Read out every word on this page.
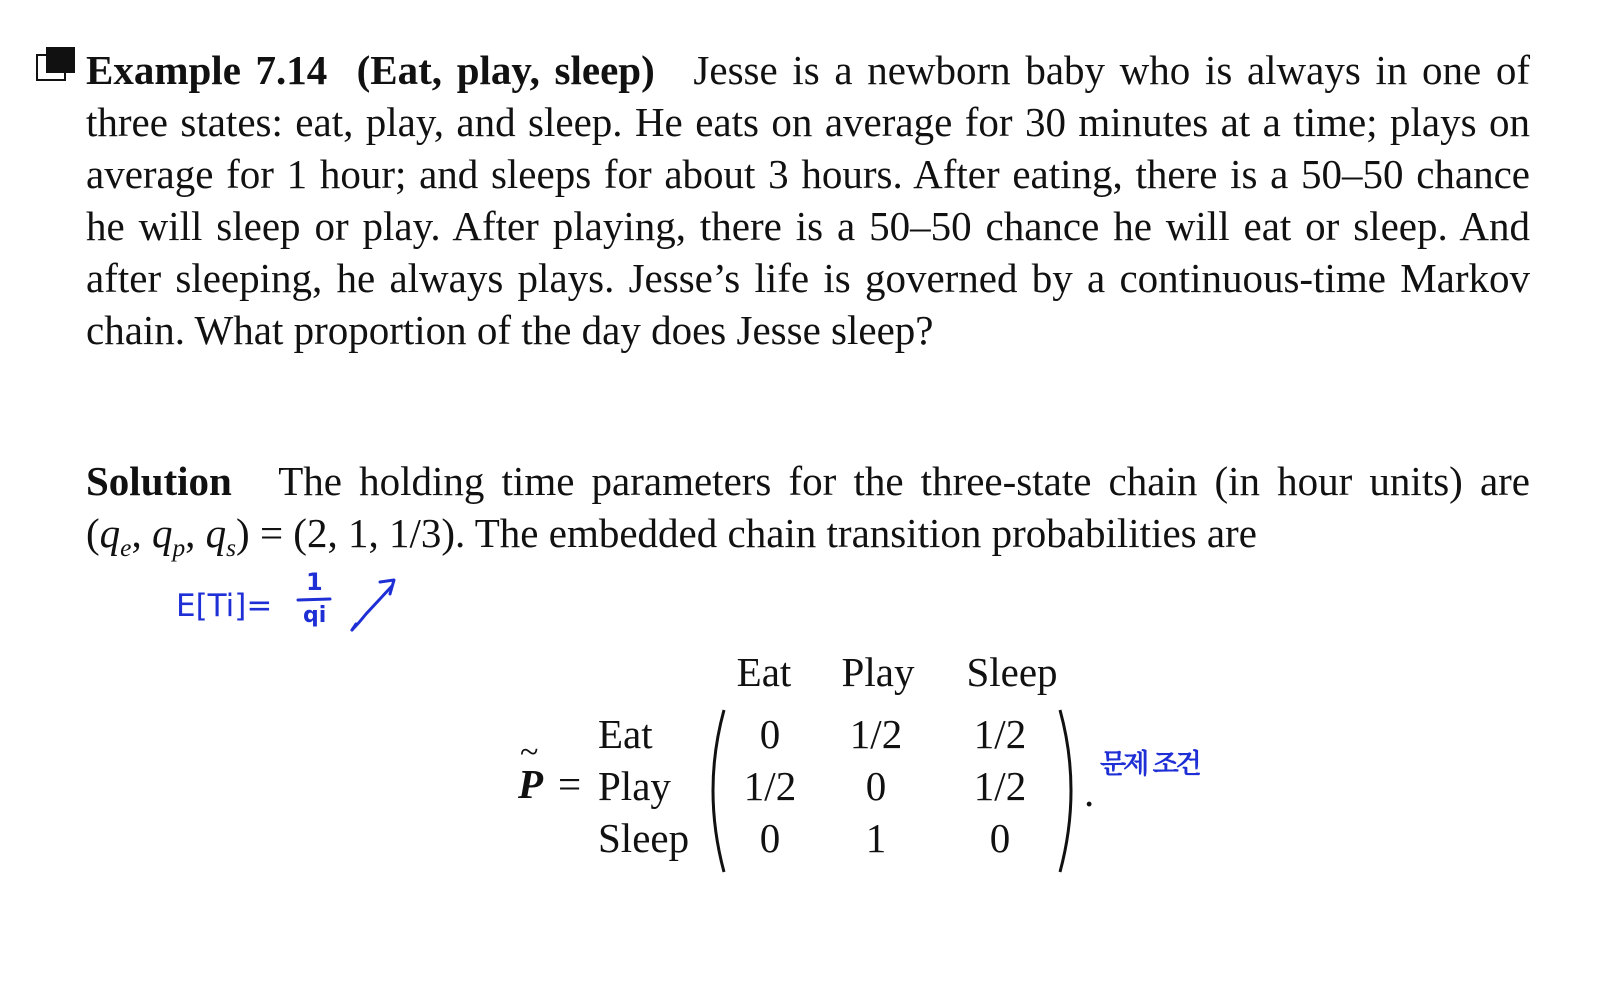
Example 7.14 (Eat, play, sleep) Jesse is a newborn baby who is always in one of
three states: eat, play, and sleep. He eats on average for 30 minutes at a time; plays on
average for 1 hour; and sleeps for about 3 hours. After eating, there is a 50–50 chance
he will sleep or play. After playing, there is a 50–50 chance he will eat or sleep. And
after sleeping, he always plays. Jesse’s life is governed by a continuous-time Markov
chain. What proportion of the day does Jesse sleep?
Solution The holding time parameters for the three-state chain (in hour units) are
($q_e$, $q_p$, $q_s) = (2$, 1, 1/3). The embedded chain transition probabilities are
E[Ti]=
1
qi
문제 조건
~
P =
Eat Play Sleep
Eat
Play
Sleep
0 1/2 1/2
1/2 0 1/2
0 1	0
.
